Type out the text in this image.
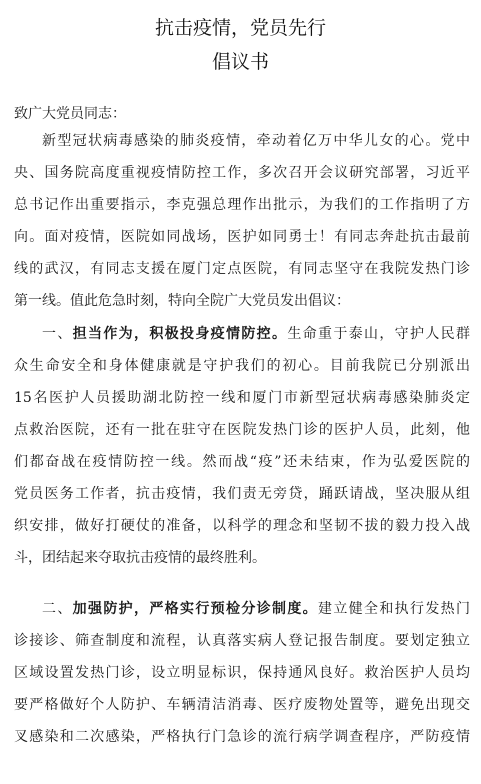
抗击疫情，党员先行
倡议书
致广大党员同志：
新型冠状病毒感染的肺炎疫情，牵动着亿万中华儿女的心。党中
央、国务院高度重视疫情防控工作，多次召开会议研究部署，习近平
总书记作出重要指示，李克强总理作出批示，为我们的工作指明了方
向。面对疫情，医院如同战场，医护如同勇士！有同志奔赴抗击最前
线的武汉，有同志支援在厦门定点医院，有同志坚守在我院发热门诊
第一线。值此危急时刻，特向全院广大党员发出倡议：
一、担当作为，积极投身疫情防控。生命重于泰山，守护人民群
众生命安全和身体健康就是守护我们的初心。目前我院已分别派出
15名医护人员援助湖北防控一线和厦门市新型冠状病毒感染肺炎定
点救治医院，还有一批在驻守在医院发热门诊的医护人员，此刻，他
们都奋战在疫情防控一线。然而战“疫”还未结束，作为弘爱医院的
党员医务工作者，抗击疫情，我们责无旁贷，踊跃请战，坚决服从组
织安排，做好打硬仗的准备，以科学的理念和坚韧不拔的毅力投入战
斗，团结起来夺取抗击疫情的最终胜利。
二、加强防护，严格实行预检分诊制度。建立健全和执行发热门
诊接诊、筛查制度和流程，认真落实病人登记报告制度。要划定独立
区域设置发热门诊，设立明显标识，保持通风良好。救治医护人员均
要严格做好个人防护、车辆清洁消毒、医疗废物处置等，避免出现交
叉感染和二次感染，严格执行门急诊的流行病学调查程序，严防疫情
